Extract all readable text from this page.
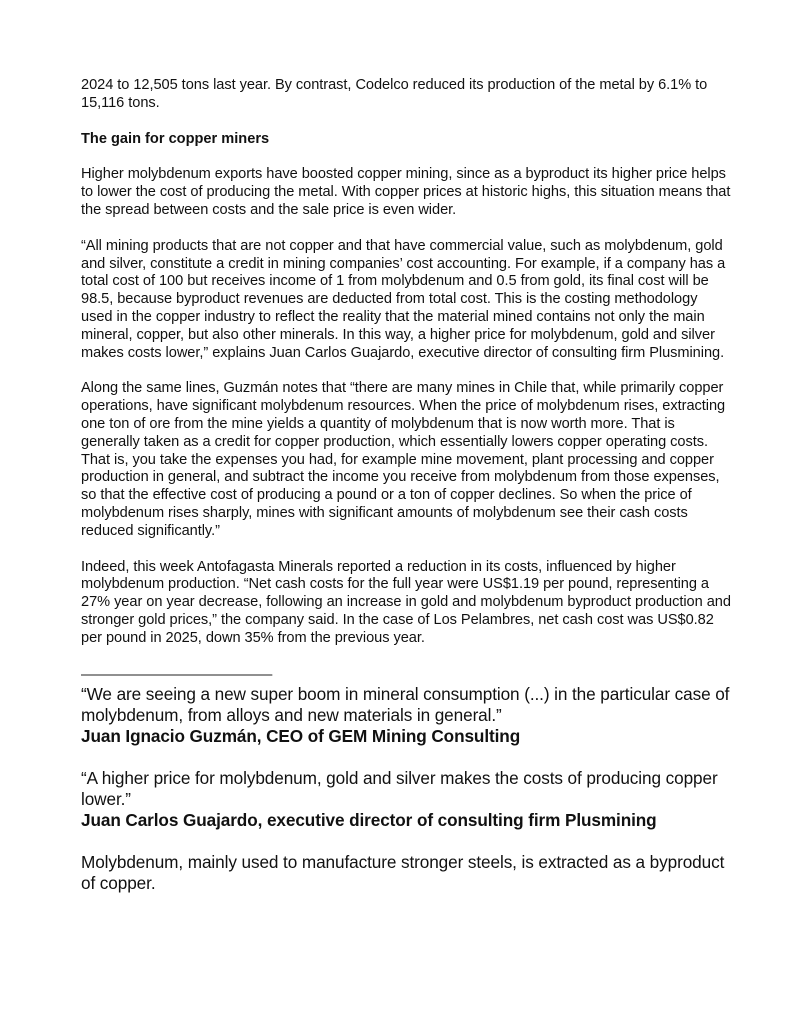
2024 to 12,505 tons last year. By contrast, Codelco reduced its production of the metal by 6.1% to 15,116 tons.

The gain for copper miners

Higher molybdenum exports have boosted copper mining, since as a byproduct its higher price helps to lower the cost of producing the metal. With copper prices at historic highs, this situation means that the spread between costs and the sale price is even wider.

“All mining products that are not copper and that have commercial value, such as molybdenum, gold and silver, constitute a credit in mining companies’ cost accounting. For example, if a company has a total cost of 100 but receives income of 1 from molybdenum and 0.5 from gold, its final cost will be 98.5, because byproduct revenues are deducted from total cost. This is the costing methodology used in the copper industry to reflect the reality that the material mined contains not only the main mineral, copper, but also other minerals. In this way, a higher price for molybdenum, gold and silver makes costs lower,” explains Juan Carlos Guajardo, executive director of consulting firm Plusmining.

Along the same lines, Guzmán notes that “there are many mines in Chile that, while primarily copper operations, have significant molybdenum resources. When the price of molybdenum rises, extracting one ton of ore from the mine yields a quantity of molybdenum that is now worth more. That is generally taken as a credit for copper production, which essentially lowers copper operating costs. That is, you take the expenses you had, for example mine movement, plant processing and copper production in general, and subtract the income you receive from molybdenum from those expenses, so that the effective cost of producing a pound or a ton of copper declines. So when the price of molybdenum rises sharply, mines with significant amounts of molybdenum see their cash costs reduced significantly.”

Indeed, this week Antofagasta Minerals reported a reduction in its costs, influenced by higher molybdenum production. “Net cash costs for the full year were US$1.19 per pound, representing a 27% year on year decrease, following an increase in gold and molybdenum byproduct production and stronger gold prices,” the company said. In the case of Los Pelambres, net cash cost was US$0.82 per pound in 2025, down 35% from the previous year.

——————————————

“We are seeing a new super boom in mineral consumption (...) in the particular case of molybdenum, from alloys and new materials in general.”

Juan Ignacio Guzmán, CEO of GEM Mining Consulting

“A higher price for molybdenum, gold and silver makes the costs of producing copper lower.”

Juan Carlos Guajardo, executive director of consulting firm Plusmining

Molybdenum, mainly used to manufacture stronger steels, is extracted as a byproduct of copper.
